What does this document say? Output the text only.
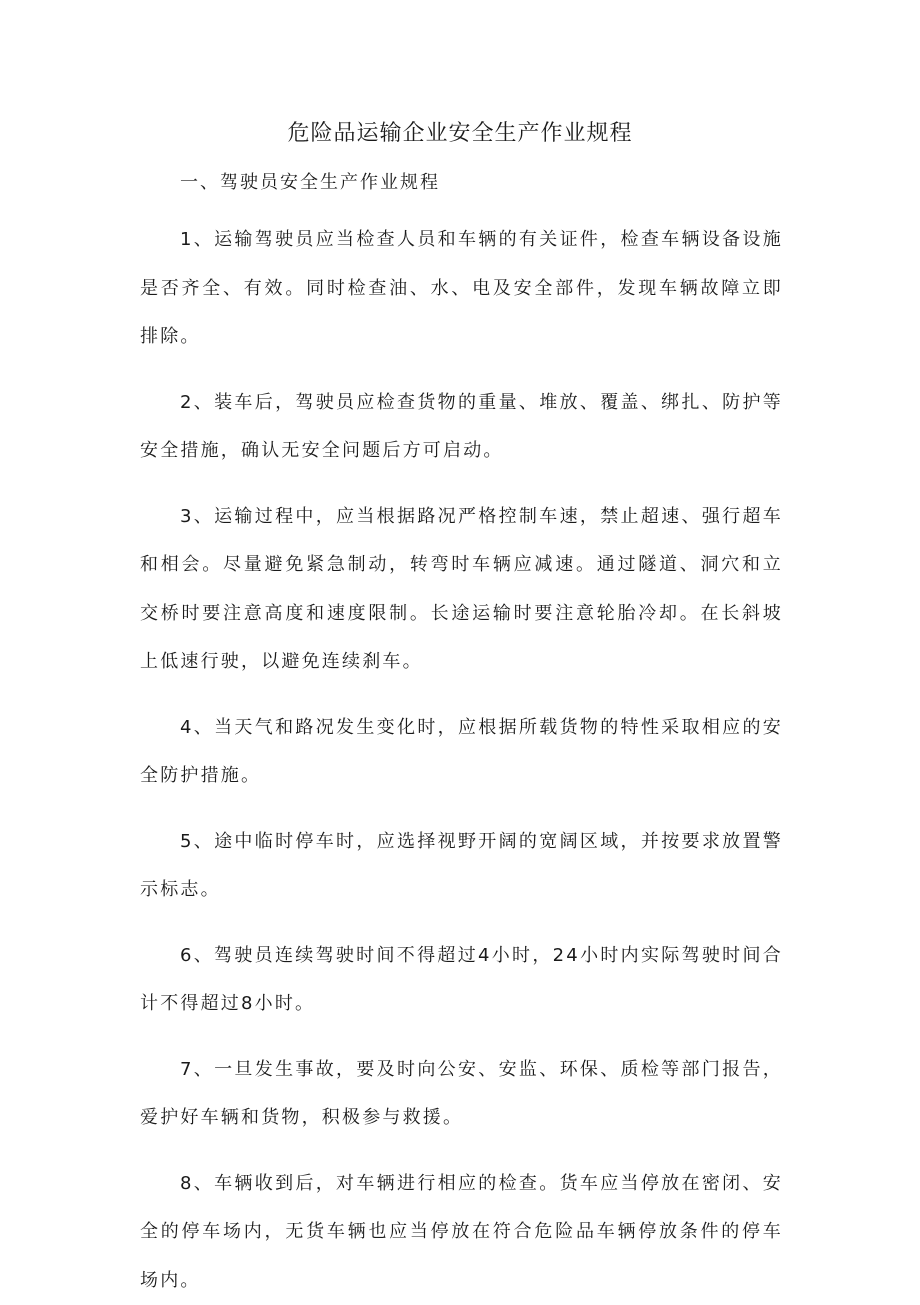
危险品运输企业安全生产作业规程
一、驾驶员安全生产作业规程

1、运输驾驶员应当检查人员和车辆的有关证件，检查车辆设备设施是否齐全、有效。同时检查油、水、电及安全部件，发现车辆故障立即排除。

2、装车后，驾驶员应检查货物的重量、堆放、覆盖、绑扎、防护等安全措施，确认无安全问题后方可启动。

3、运输过程中，应当根据路况严格控制车速，禁止超速、强行超车和相会。尽量避免紧急制动，转弯时车辆应减速。通过隧道、洞穴和立交桥时要注意高度和速度限制。长途运输时要注意轮胎冷却。在长斜坡上低速行驶，以避免连续刹车。

4、当天气和路况发生变化时，应根据所载货物的特性采取相应的安全防护措施。

5、途中临时停车时，应选择视野开阔的宽阔区域，并按要求放置警示标志。

6、驾驶员连续驾驶时间不得超过4小时，24小时内实际驾驶时间合计不得超过8小时。

7、一旦发生事故，要及时向公安、安监、环保、质检等部门报告，爱护好车辆和货物，积极参与救援。

8、车辆收到后，对车辆进行相应的检查。货车应当停放在密闭、安全的停车场内，无货车辆也应当停放在符合危险品车辆停放条件的停车场内。
